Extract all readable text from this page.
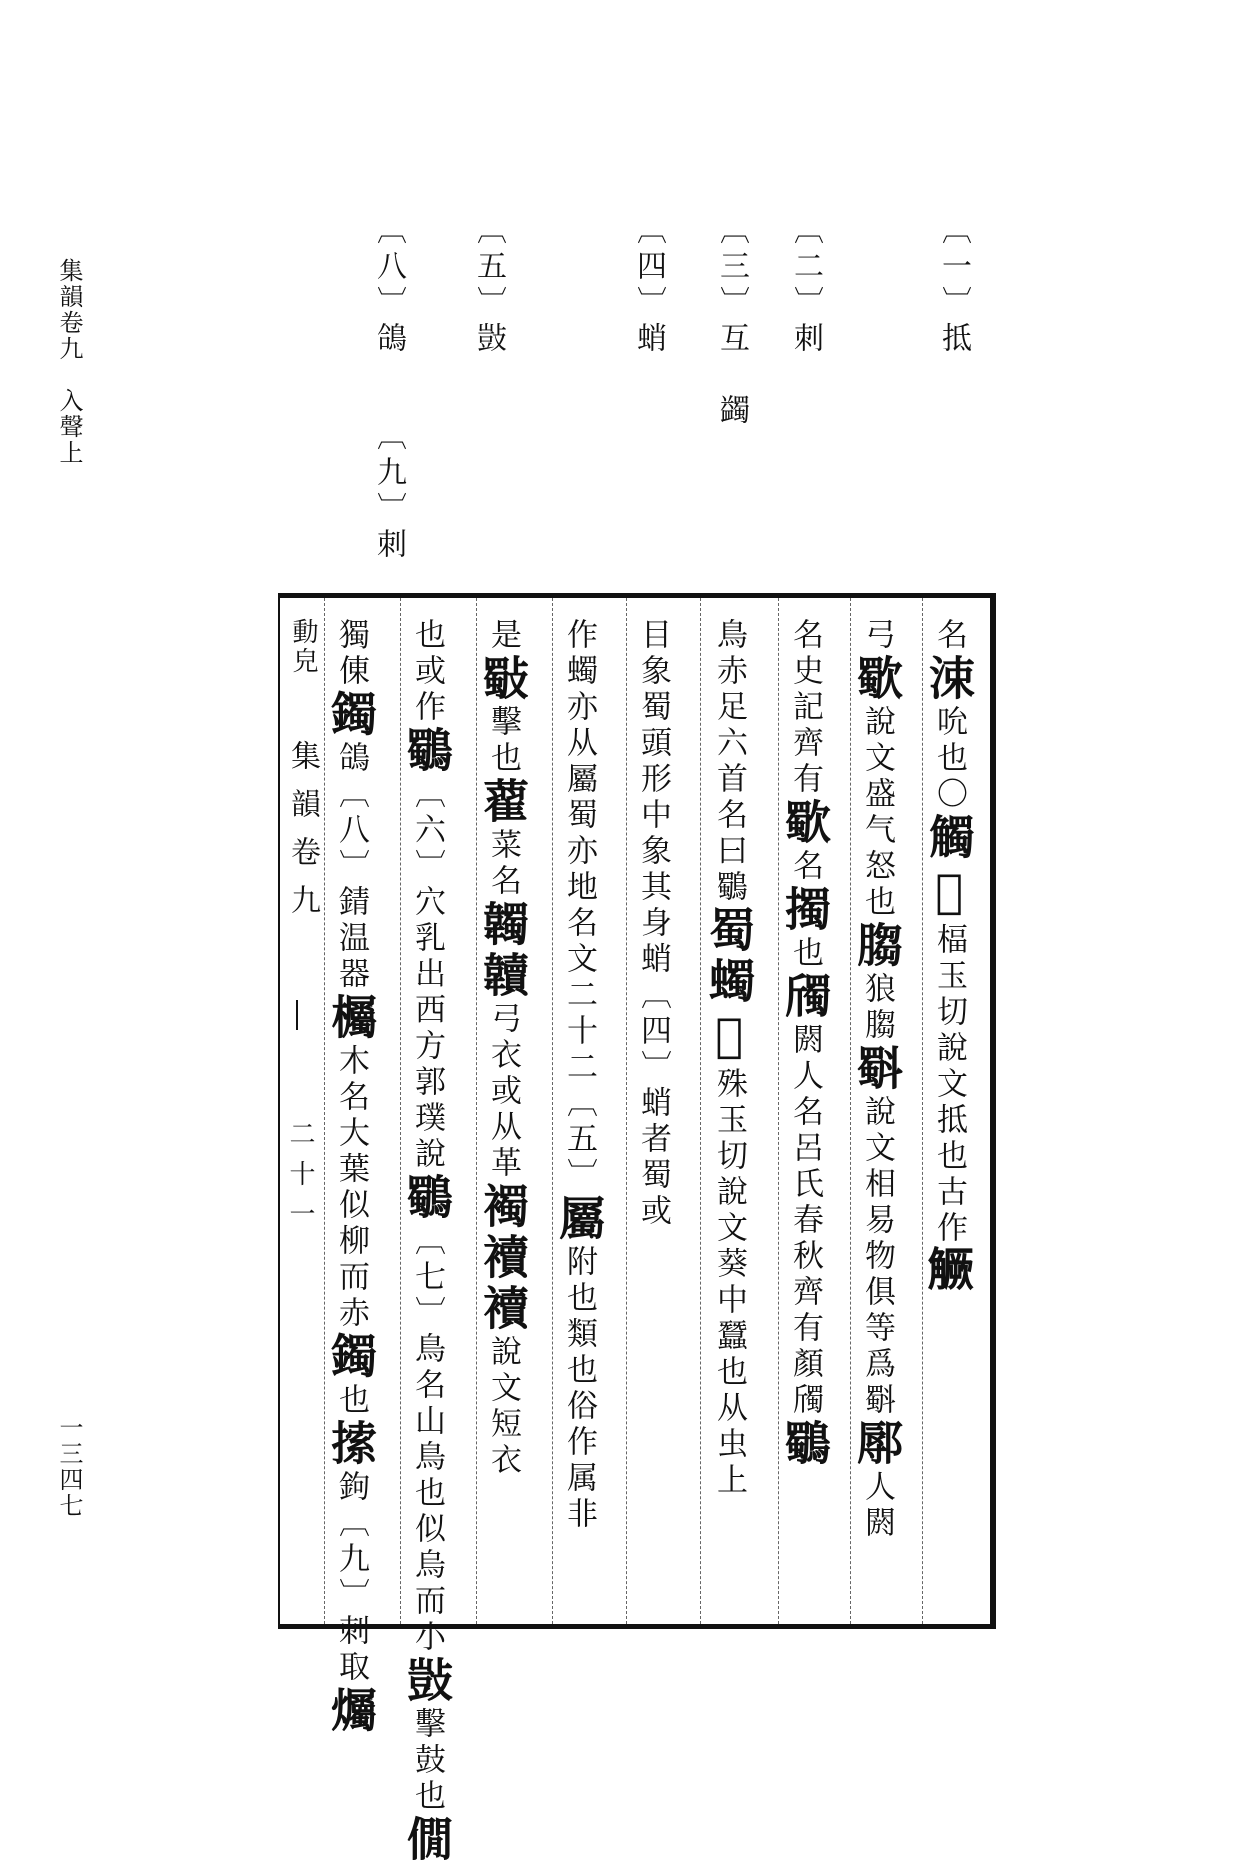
集韻卷九　入聲上
一三四七
〔一〕抵
〔二〕刺
〔三〕互　蠲
〔四〕蛸
〔五〕敱
〔八〕鴿
〔九〕刺
名涑吮也〇觸𦍣楅玉切說文抵也古作𧤼
弓歜說文盛气怒也䐢狼䐢斣說文相易物俱等爲斣鄏人閼
名史記齊有歜名擉也斶閼人名呂氏春秋齊有顏斶鸀
鳥赤足六首名曰鸀蜀蠋𧔍殊玉切說文葵中蠶也从虫上
目象蜀頭形中象其身蛸〔四〕蛸者蜀或
作蠋亦从屬蜀亦地名文二十二〔五〕屬附也類也俗作属非
是斀擊也藋菜名韣韥弓衣或从革襡襩襩說文短衣
也或作鸀〔六〕穴乳出西方郭璞說鸀〔七〕鳥名山鳥也似烏而小敱擊鼓也僩
獨倲鐲鴿〔八〕錆温器欘木名大葉似柳而赤鐲也𢱢鉤〔九〕刺取爥
動皃
集韻卷九
二十一
